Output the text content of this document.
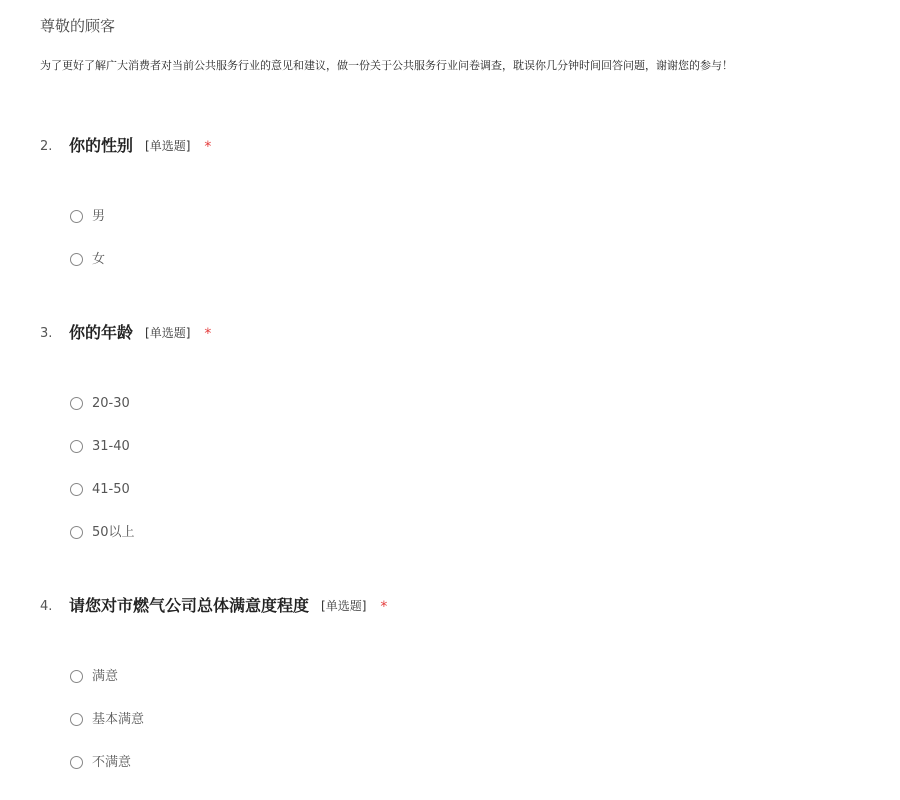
尊敬的顾客
为了更好了解广大消费者对当前公共服务行业的意见和建议，做一份关于公共服务行业问卷调查，耽误你几分钟时间回答问题，谢谢您的参与！
2. 你的性别 [单选题] *
男
女
3. 你的年龄 [单选题] *
20-30
31-40
41-50
50以上
4. 请您对市燃气公司总体满意度程度 [单选题] *
满意
基本满意
不满意
